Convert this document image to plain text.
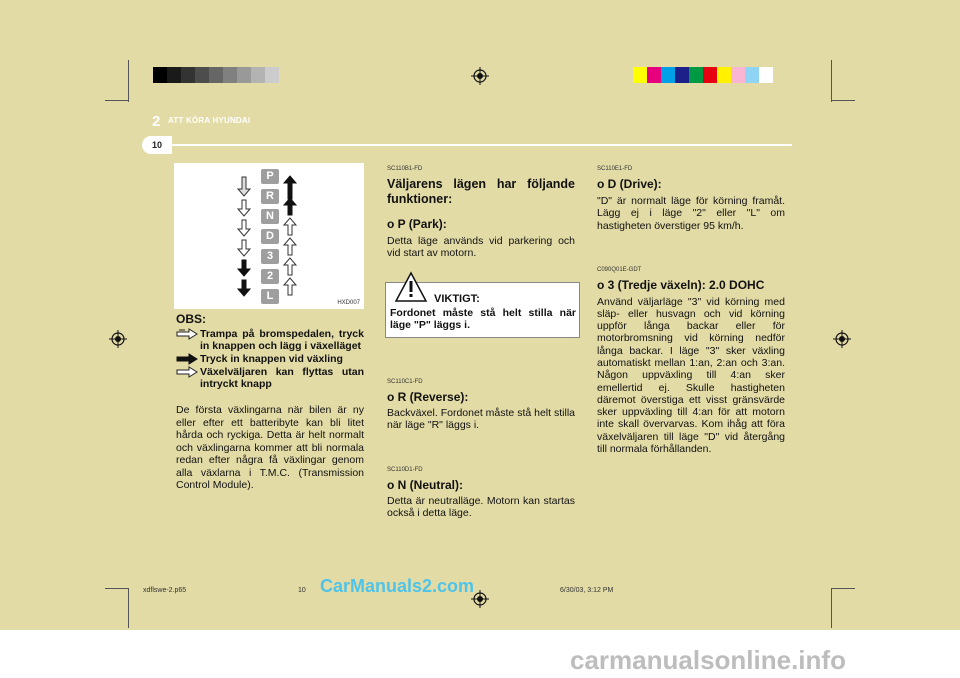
2 ATT KÖRA HYUNDAI
10
P
R
N
D
3
2
L
HXD007
OBS:
Trampa på bromspedalen, tryck in knappen och lägg i växelläget
Tryck in knappen vid växling
Växelväljaren kan flyttas utan intryckt knapp
De första växlingarna när bilen är ny eller efter ett batteribyte kan bli litet hårda och ryckiga. Detta är helt normalt och växlingarna kommer att bli normala redan efter några få växlingar genom alla växlarna i T.M.C. (Transmission Control Module).
SC110B1-FD
Väljarens lägen har följande funktioner:
o P (Park):
Detta läge används vid parkering och vid start av motorn.
VIKTIGT:
Fordonet måste stå helt stilla när läge "P" läggs i.
SC110C1-FD
o R (Reverse):
Backväxel. Fordonet måste stå helt stilla när läge "R" läggs i.
SC110D1-FD
o N (Neutral):
Detta är neutralläge. Motorn kan startas också i detta läge.
SC110E1-FD
o D (Drive):
"D" är normalt läge för körning framåt. Lägg ej i läge "2" eller "L" om hastigheten överstiger 95 km/h.
C090Q01E-GDT
o 3 (Tredje växeln): 2.0 DOHC
Använd väljarläge "3" vid körning med släp- eller husvagn och vid körning uppför långa backar eller för motorbromsning vid körning nedför långa backar. I läge "3" sker växling automatiskt mellan 1:an, 2:an och 3:an. Någon uppväxling till 4:an sker emellertid ej. Skulle hastigheten däremot överstiga ett visst gränsvärde sker uppväxling till 4:an för att motorn inte skall övervarvas. Kom ihåg att föra växelväljaren till läge "D" vid återgång till normala förhållanden.
xdflswe-2.p65	10	6/30/03, 3:12 PM
CarManuals2.com
carmanualsonline.info
